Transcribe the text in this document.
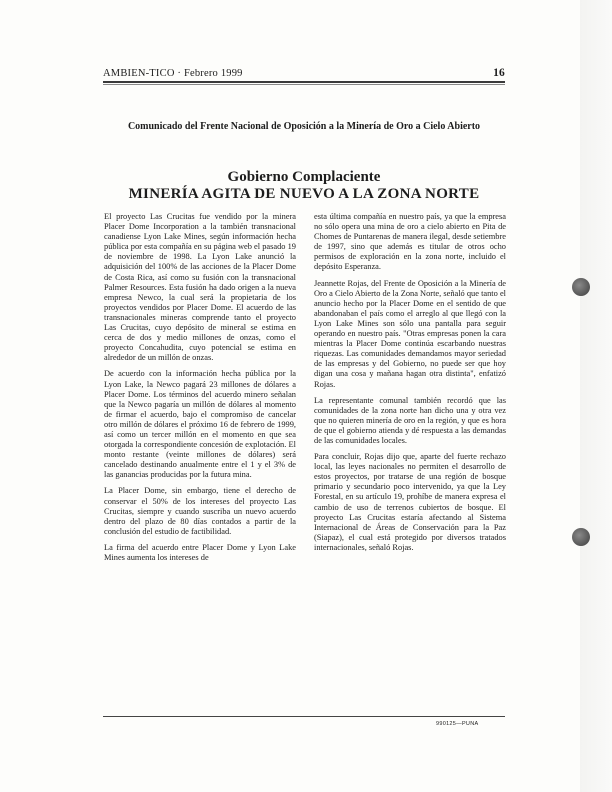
AMBIEN-TICO · Febrero 1999	16
Comunicado del Frente Nacional de Oposición a la Minería de Oro a Cielo Abierto
Gobierno Complaciente
MINERÍA AGITA DE NUEVO A LA ZONA NORTE

El proyecto Las Crucitas fue vendido por la minera Placer Dome Incorporation a la también transnacional canadiense Lyon Lake Mines, según información hecha pública por esta compañía en su página web el pasado 19 de noviembre de 1998. La Lyon Lake anunció la adquisición del 100% de las acciones de la Placer Dome de Costa Rica, así como su fusión con la transnacional Palmer Resources. Esta fusión ha dado origen a la nueva empresa Newco, la cual será la propietaria de los proyectos vendidos por Placer Dome. El acuerdo de las transnacionales mineras comprende tanto el proyecto Las Crucitas, cuyo depósito de mineral se estima en cerca de dos y medio millones de onzas, como el proyecto Concahudita, cuyo potencial se estima en alrededor de un millón de onzas.

De acuerdo con la información hecha pública por la Lyon Lake, la Newco pagará 23 millones de dólares a Placer Dome. Los términos del acuerdo minero señalan que la Newco pagaría un millón de dólares al momento de firmar el acuerdo, bajo el compromiso de cancelar otro millón de dólares el próximo 16 de febrero de 1999, así como un tercer millón en el momento en que sea otorgada la correspondiente concesión de explotación. El monto restante (veinte millones de dólares) será cancelado destinando anualmente entre el 1 y el 3% de las ganancias producidas por la futura mina.

La Placer Dome, sin embargo, tiene el derecho de conservar el 50% de los intereses del proyecto Las Crucitas, siempre y cuando suscriba un nuevo acuerdo dentro del plazo de 80 días contados a partir de la conclusión del estudio de factibilidad.

La firma del acuerdo entre Placer Dome y Lyon Lake Mines aumenta los intereses de

esta última compañía en nuestro país, ya que la empresa no sólo opera una mina de oro a cielo abierto en Pita de Chomes de Puntarenas de manera ilegal, desde setiembre de 1997, sino que además es titular de otros ocho permisos de exploración en la zona norte, incluido el depósito Esperanza.

Jeannette Rojas, del Frente de Oposición a la Minería de Oro a Cielo Abierto de la Zona Norte, señaló que tanto el anuncio hecho por la Placer Dome en el sentido de que abandonaban el país como el arreglo al que llegó con la Lyon Lake Mines son sólo una pantalla para seguir operando en nuestro país. "Otras empresas ponen la cara mientras la Placer Dome continúa escarbando nuestras riquezas. Las comunidades demandamos mayor seriedad de las empresas y del Gobierno, no puede ser que hoy digan una cosa y mañana hagan otra distinta", enfatizó Rojas.

La representante comunal también recordó que las comunidades de la zona norte han dicho una y otra vez que no quieren minería de oro en la región, y que es hora de que el gobierno atienda y dé respuesta a las demandas de las comunidades locales.

Para concluir, Rojas dijo que, aparte del fuerte rechazo local, las leyes nacionales no permiten el desarrollo de estos proyectos, por tratarse de una región de bosque primario y secundario poco intervenido, ya que la Ley Forestal, en su artículo 19, prohíbe de manera expresa el cambio de uso de terrenos cubiertos de bosque. El proyecto Las Crucitas estaría afectando al Sistema Internacional de Áreas de Conservación para la Paz (Siapaz), el cual está protegido por diversos tratados internacionales, señaló Rojas.

990125—PUNA
